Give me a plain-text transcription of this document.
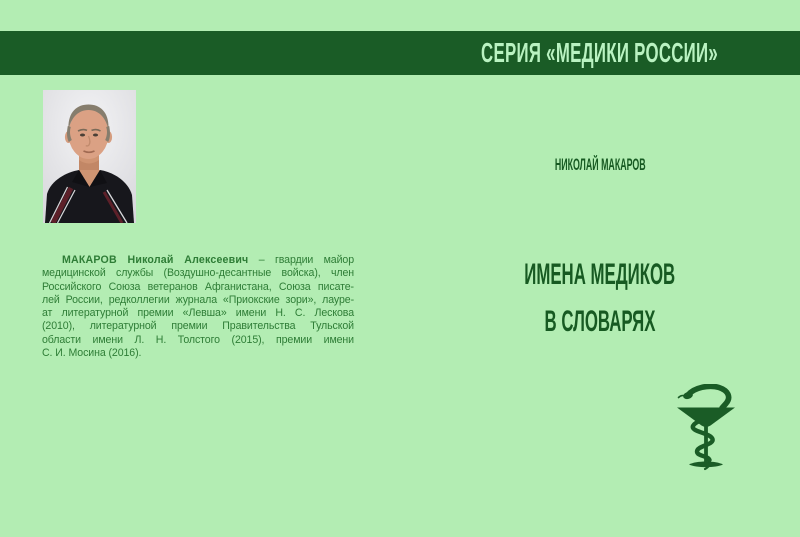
СЕРИЯ «МЕДИКИ РОССИИ»
МАКАРОВ Николай Алексеевич – гвардии майор
медицинской службы (Воздушно-десантные войска), член
Российского Союза ветеранов Афганистана, Союза писате-
лей России, редколлегии журнала «Приокские зори», лауре-
ат литературной премии «Левша» имени Н. С. Лескова
(2010), литературной премии Правительства Тульской
области имени Л. Н. Толстого (2015), премии имени
С. И. Мосина (2016).
НИКОЛАЙ МАКАРОВ
ИМЕНА МЕДИКОВ
В СЛОВАРЯХ
